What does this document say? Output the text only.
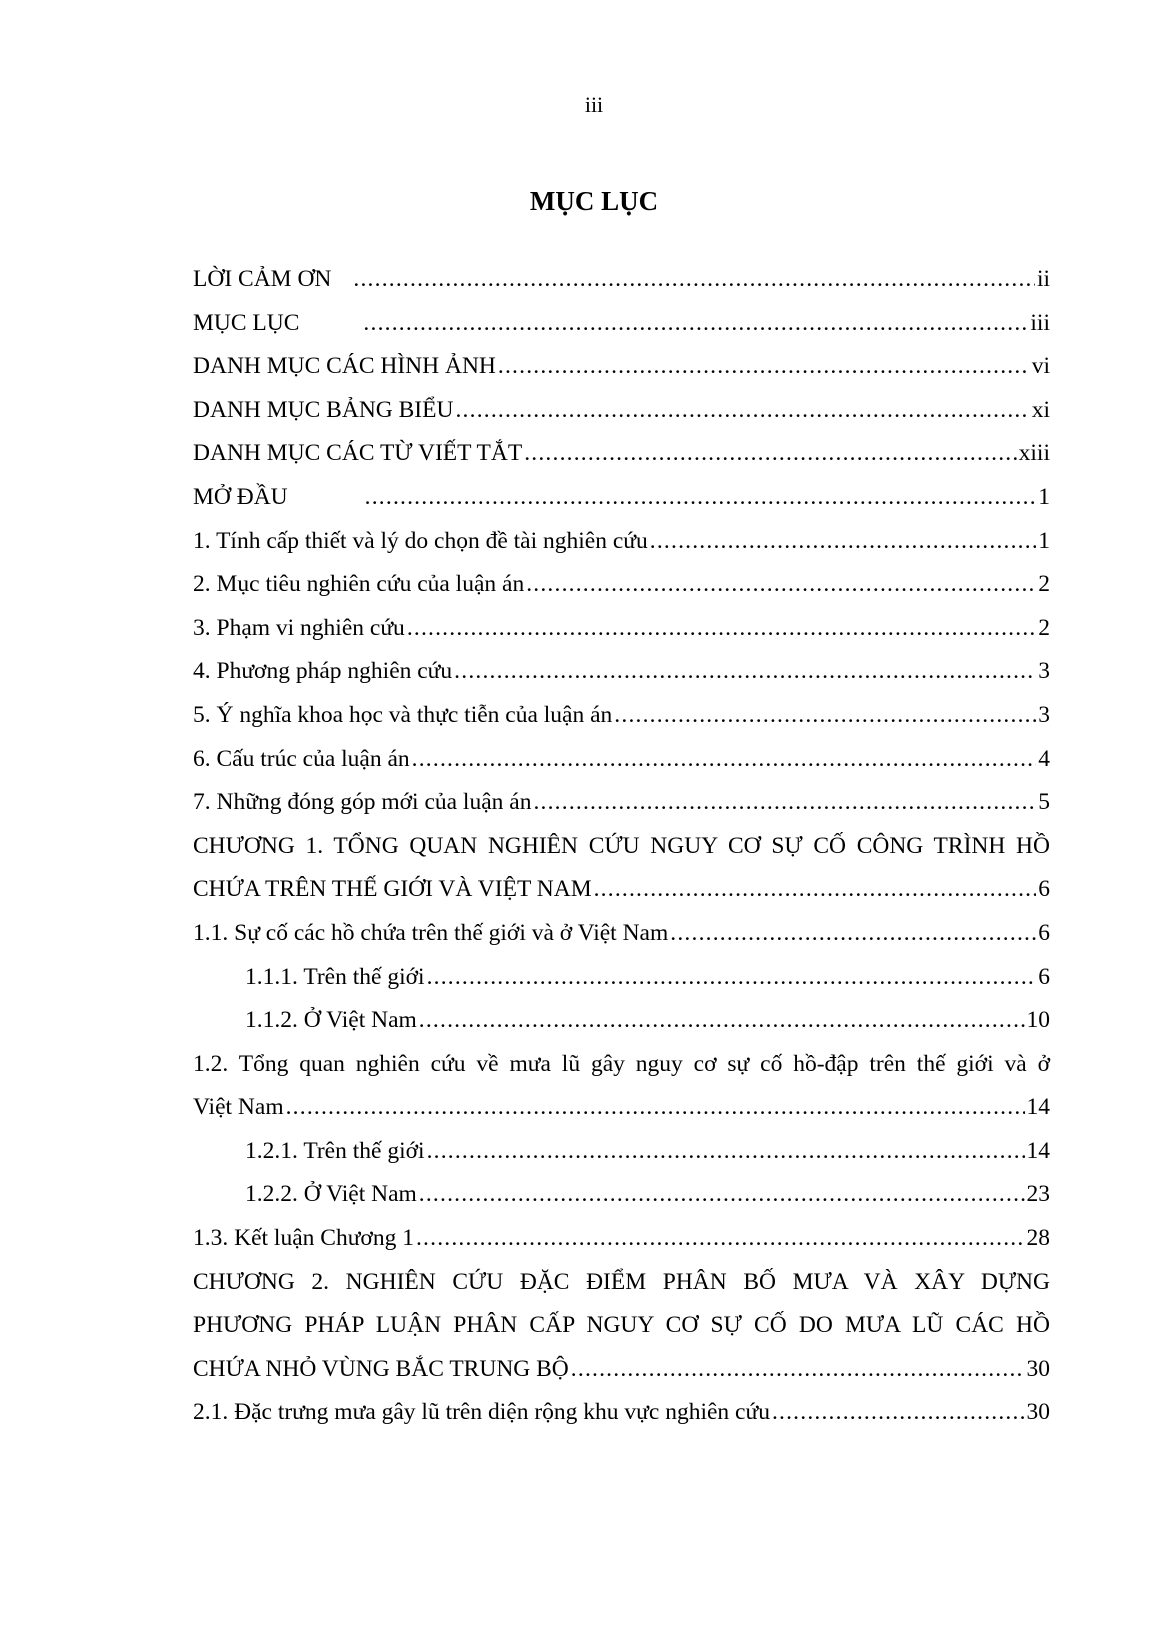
iii
MỤC LỤC
LỜI CẢM ƠN .....	ii
MỤC LỤC .....	iii
DANH MỤC CÁC HÌNH ẢNH .....	vi
DANH MỤC BẢNG BIỂU .....	xi
DANH MỤC CÁC TỪ VIẾT TẮT .....	xiii
MỞ ĐẦU .....	1
1. Tính cấp thiết và lý do chọn đề tài nghiên cứu .....	1
2. Mục tiêu nghiên cứu của luận án .....	2
3. Phạm vi nghiên cứu .....	2
4. Phương pháp nghiên cứu .....	3
5. Ý nghĩa khoa học và thực tiễn của luận án .....	3
6. Cấu trúc của luận án .....	4
7. Những đóng góp mới của luận án .....	5
CHƯƠNG 1. TỔNG QUAN NGHIÊN CỨU NGUY CƠ SỰ CỐ CÔNG TRÌNH HỒ
CHỨA TRÊN THẾ GIỚI VÀ VIỆT NAM .....	6
1.1. Sự cố các hồ chứa trên thế giới và ở Việt Nam .....	6
1.1.1. Trên thế giới .....	6
1.1.2. Ở Việt Nam .....	10
1.2. Tổng quan nghiên cứu về mưa lũ gây nguy cơ sự cố hồ-đập trên thế giới và ở
Việt Nam .....	14
1.2.1. Trên thế giới .....	14
1.2.2. Ở Việt Nam .....	23
1.3. Kết luận Chương 1 .....	28
CHƯƠNG 2. NGHIÊN CỨU ĐẶC ĐIỂM PHÂN BỐ MƯA VÀ XÂY DỰNG
PHƯƠNG PHÁP LUẬN PHÂN CẤP NGUY CƠ SỰ CỐ DO MƯA LŨ CÁC HỒ
CHỨA NHỎ VÙNG BẮC TRUNG BỘ .....	30
2.1. Đặc trưng mưa gây lũ trên diện rộng khu vực nghiên cứu .....	30
